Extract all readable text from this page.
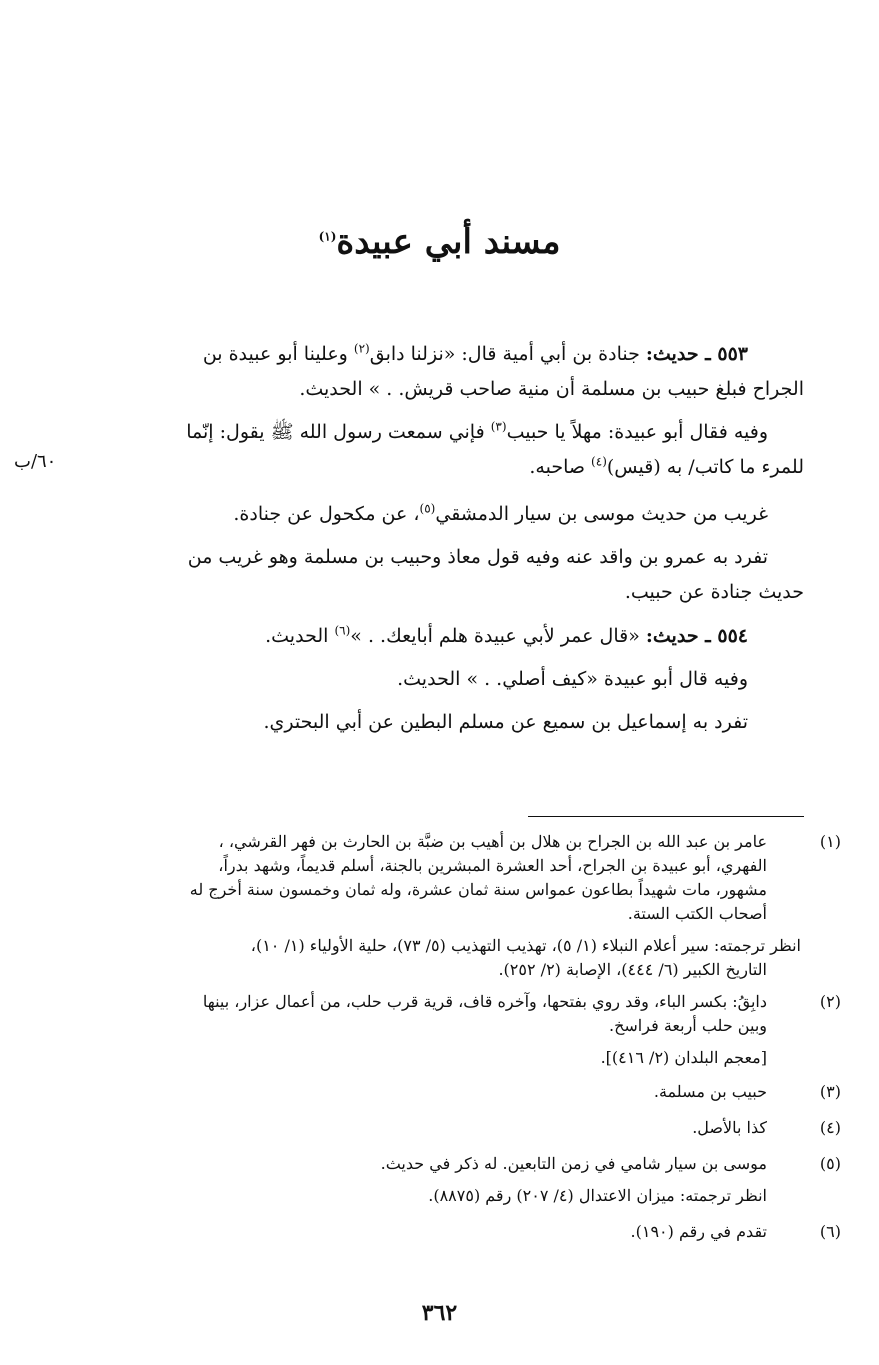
مسند أبي عبيدة$^{(١)}$
٥٥٣ ـ حديث: جنادة بن أبي أمية قال: «نزلنا دابق$^{(٢)}$ وعلينا أبو عبيدة بن
الجراح فبلغ حبيب بن مسلمة أن منية صاحب قريش. . » الحديث.
وفيه فقال أبو عبيدة: مهلاً يا حبيب$^{(٣)}$ فإني سمعت رسول الله ﷺ يقول: إنّما
للمرء ما كاتب/ به (قيس)$^{(٤)}$ صاحبه.
غريب من حديث موسى بن سيار الدمشقي$^{(٥)}$، عن مكحول عن جنادة.
تفرد به عمرو بن واقد عنه وفيه قول معاذ وحبيب بن مسلمة وهو غريب من
حديث جنادة عن حبيب.
٥٥٤ ـ حديث: «قال عمر لأبي عبيدة هلم أبايعك. . »$^{(٦)}$ الحديث.
وفيه قال أبو عبيدة «كيف أصلي. . » الحديث.
تفرد به إسماعيل بن سميع عن مسلم البطين عن أبي البحتري.
٦٠/ب
(١)
عامر بن عبد الله بن الجراح بن هلال بن أهيب بن ضبَّة بن الحارث بن فهر القرشي، ،
الفهري، أبو عبيدة بن الجراح، أحد العشرة المبشرين بالجنة، أسلم قديماً، وشهد بدراً،
مشهور، مات شهيداً بطاعون عمواس سنة ثمان عشرة، وله ثمان وخمسون سنة أخرج له
أصحاب الكتب الستة.
انظر ترجمته: سير أعلام النبلاء (١/ ٥)، تهذيب التهذيب (٥/ ٧٣)، حلية الأولياء (١/ ١٠)،
التاريخ الكبير (٦/ ٤٤٤)، الإصابة (٢/ ٢٥٢).
(٢)
دابِقُ: بكسر الباء، وقد روي بفتحها، وآخره قاف، قرية قرب حلب، من أعمال عزار، بينها
وبين حلب أربعة فراسخ.
[معجم البلدان (٢/ ٤١٦)].
(٣)
حبيب بن مسلمة.
(٤)
كذا بالأصل.
(٥)
موسى بن سيار شامي في زمن التابعين. له ذكر في حديث.
انظر ترجمته: ميزان الاعتدال (٤/ ٢٠٧) رقم (٨٨٧٥).
(٦)
تقدم في رقم (١٩٠).
٣٦٢
